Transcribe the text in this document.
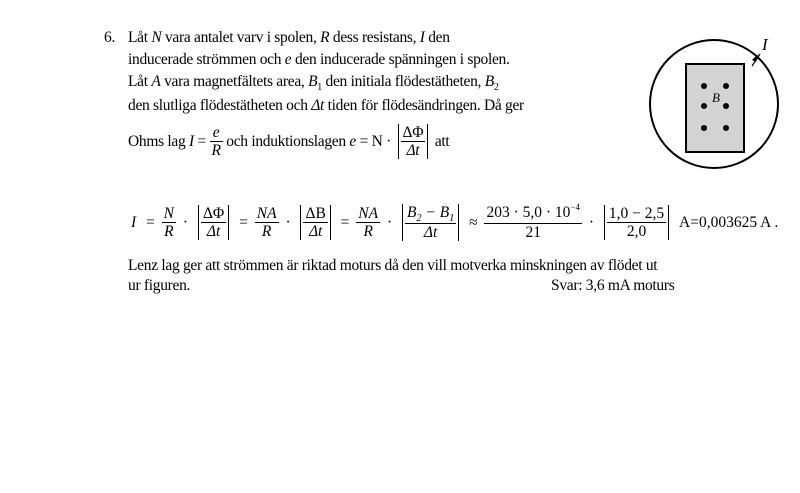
6. Låt N vara antalet varv i spolen, R dess resistans, I den
inducerade strömmen och e den inducerade spänningen i spolen.
Låt A vara magnetfältets area, $B_1$ den initiala flödestätheten, $B_2$
den slutliga flödestätheten och Δt tiden för flödesändringen. Då ger
Ohms lag $I = \frac{e}{R}$ och induktionslagen $e = N \cdot \frac{\Delta\Phi}{\Delta t}$ att
$I = \frac{N}{R} \cdot \frac{\Delta\Phi}{\Delta t} = \frac{NA}{R} \cdot \frac{\Delta B}{\Delta t} = \frac{NA}{R} \cdot \frac{B_2 - B_1}{\Delta t} \approx \frac{203 \cdot 5,0 \cdot 10^{-4}}{21} \cdot \frac{1,0 - 2,5}{2,0} A=0,003625$ A .
Lenz lag ger att strömmen är riktad moturs då den vill motverka minskningen av flödet ut
ur figuren.	Svar: 3,6 mA moturs
B
I
